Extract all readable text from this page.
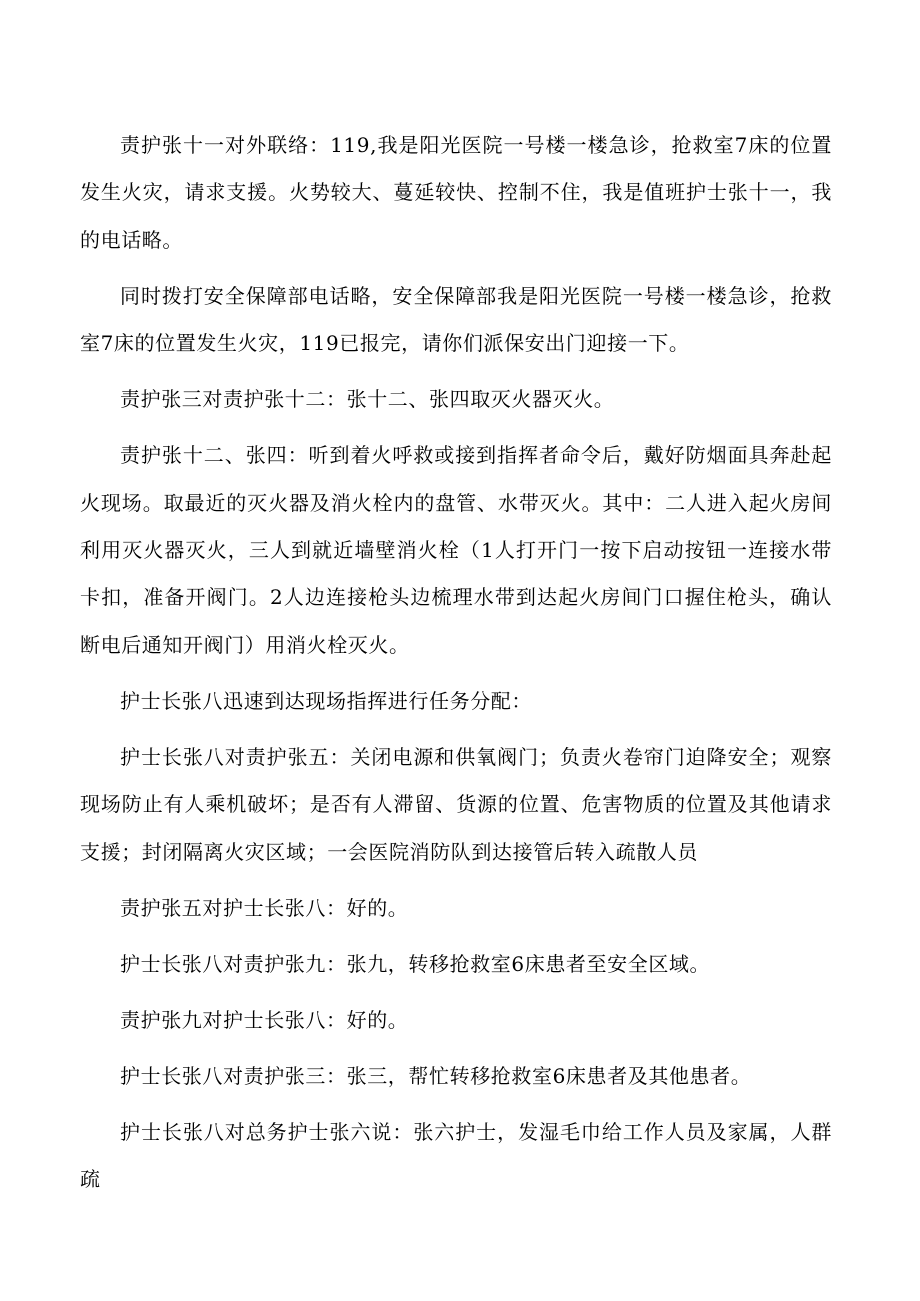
责护张十一对外联络：119,我是阳光医院一号楼一楼急诊，抢救室7床的位置发生火灾，请求支援。火势较大、蔓延较快、控制不住，我是值班护士张十一，我的电话略。

同时拨打安全保障部电话略，安全保障部我是阳光医院一号楼一楼急诊，抢救室7床的位置发生火灾，119已报完，请你们派保安出门迎接一下。

责护张三对责护张十二：张十二、张四取灭火器灭火。

责护张十二、张四：听到着火呼救或接到指挥者命令后，戴好防烟面具奔赴起火现场。取最近的灭火器及消火栓内的盘管、水带灭火。其中：二人进入起火房间利用灭火器灭火，三人到就近墙壁消火栓（1人打开门一按下启动按钮一连接水带卡扣，准备开阀门。2人边连接枪头边梳理水带到达起火房间门口握住枪头，确认断电后通知开阀门）用消火栓灭火。

护士长张八迅速到达现场指挥进行任务分配：

护士长张八对责护张五：关闭电源和供氧阀门；负责火卷帘门迫降安全；观察现场防止有人乘机破坏；是否有人滞留、货源的位置、危害物质的位置及其他请求支援；封闭隔离火灾区域；一会医院消防队到达接管后转入疏散人员

责护张五对护士长张八：好的。

护士长张八对责护张九：张九，转移抢救室6床患者至安全区域。

责护张九对护士长张八：好的。

护士长张八对责护张三：张三，帮忙转移抢救室6床患者及其他患者。

护士长张八对总务护士张六说：张六护士，发湿毛巾给工作人员及家属，人群疏
